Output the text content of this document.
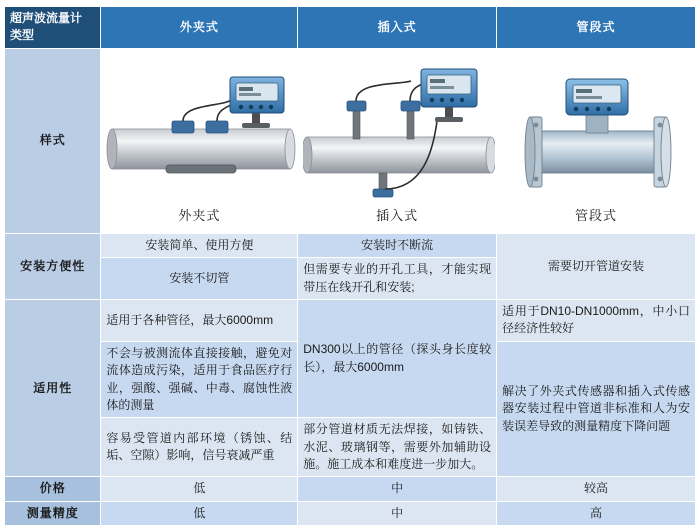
超声波流量计
类型	外夹式	插入式	管段式
样式	外夹式	插入式	管段式

安装方便性	安装简单、使用方便	安装时不断流	需要切开管道安装
	安装不切管	但需要专业的开孔工具，才能实现带压在线开孔和安装;	
适用性	适用于各种管径，最大6000mm	DN300以上的管径（探头身长度较长），最大6000mm	适用于DN10-DN1000mm，中小口径经济性较好
	不会与被测流体直接接触，避免对流体造成污染，适用于食品医疗行业，强酸、强碱、中毒、腐蚀性液体的测量		解决了外夹式传感器和插入式传感器安装过程中管道非标准和人为安装误差导致的测量精度下降问题
	容易受管道内部环境（锈蚀、结垢、空隙）影响，信号衰减严重	部分管道材质无法焊接，如铸铁、水泥、玻璃钢等，需要外加辅助设施。施工成本和难度进一步加大。	
价格	低	中	较高
测量精度	低	中	高
